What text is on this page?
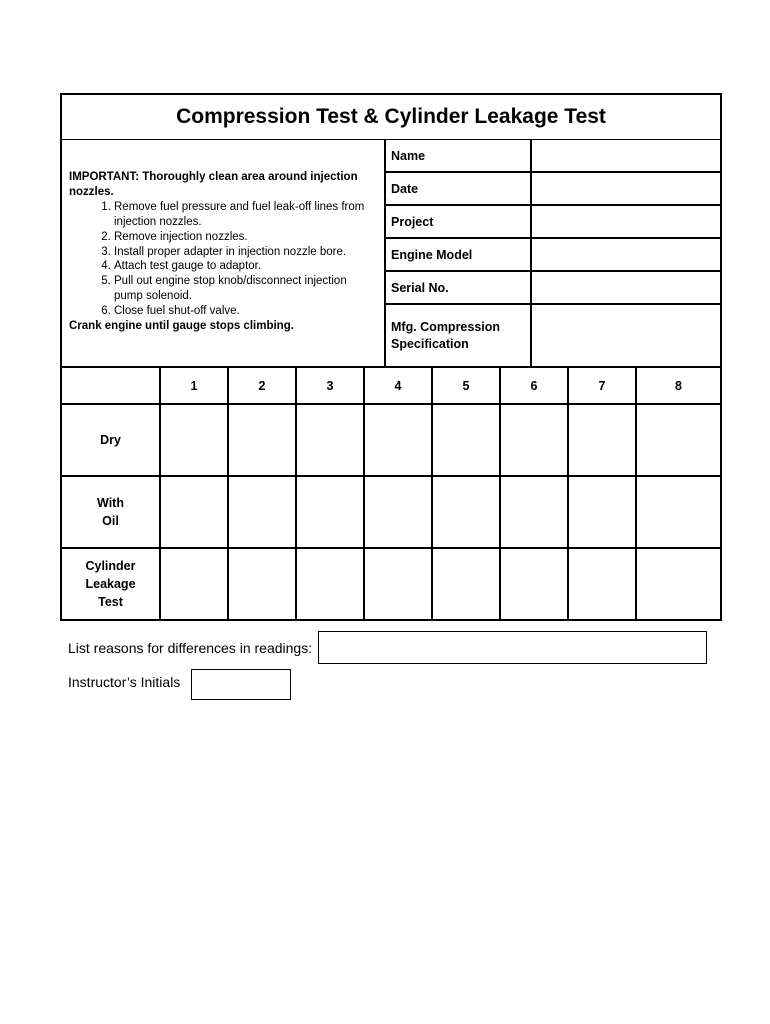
Compression Test & Cylinder Leakage Test
IMPORTANT: Thoroughly clean area around injection nozzles.
1. Remove fuel pressure and fuel leak-off lines from injection nozzles.
2. Remove injection nozzles.
3. Install proper adapter in injection nozzle bore.
4. Attach test gauge to adaptor.
5. Pull out engine stop knob/disconnect injection pump solenoid.
6. Close fuel shut-off valve.
Crank engine until gauge stops climbing.
Name
Date
Project
Engine Model
Serial No.
Mfg. Compression Specification
	1	2	3	4	5	6	7	8
Dry								
With Oil								
Cylinder Leakage Test								
List reasons for differences in readings:
Instructor’s Initials
